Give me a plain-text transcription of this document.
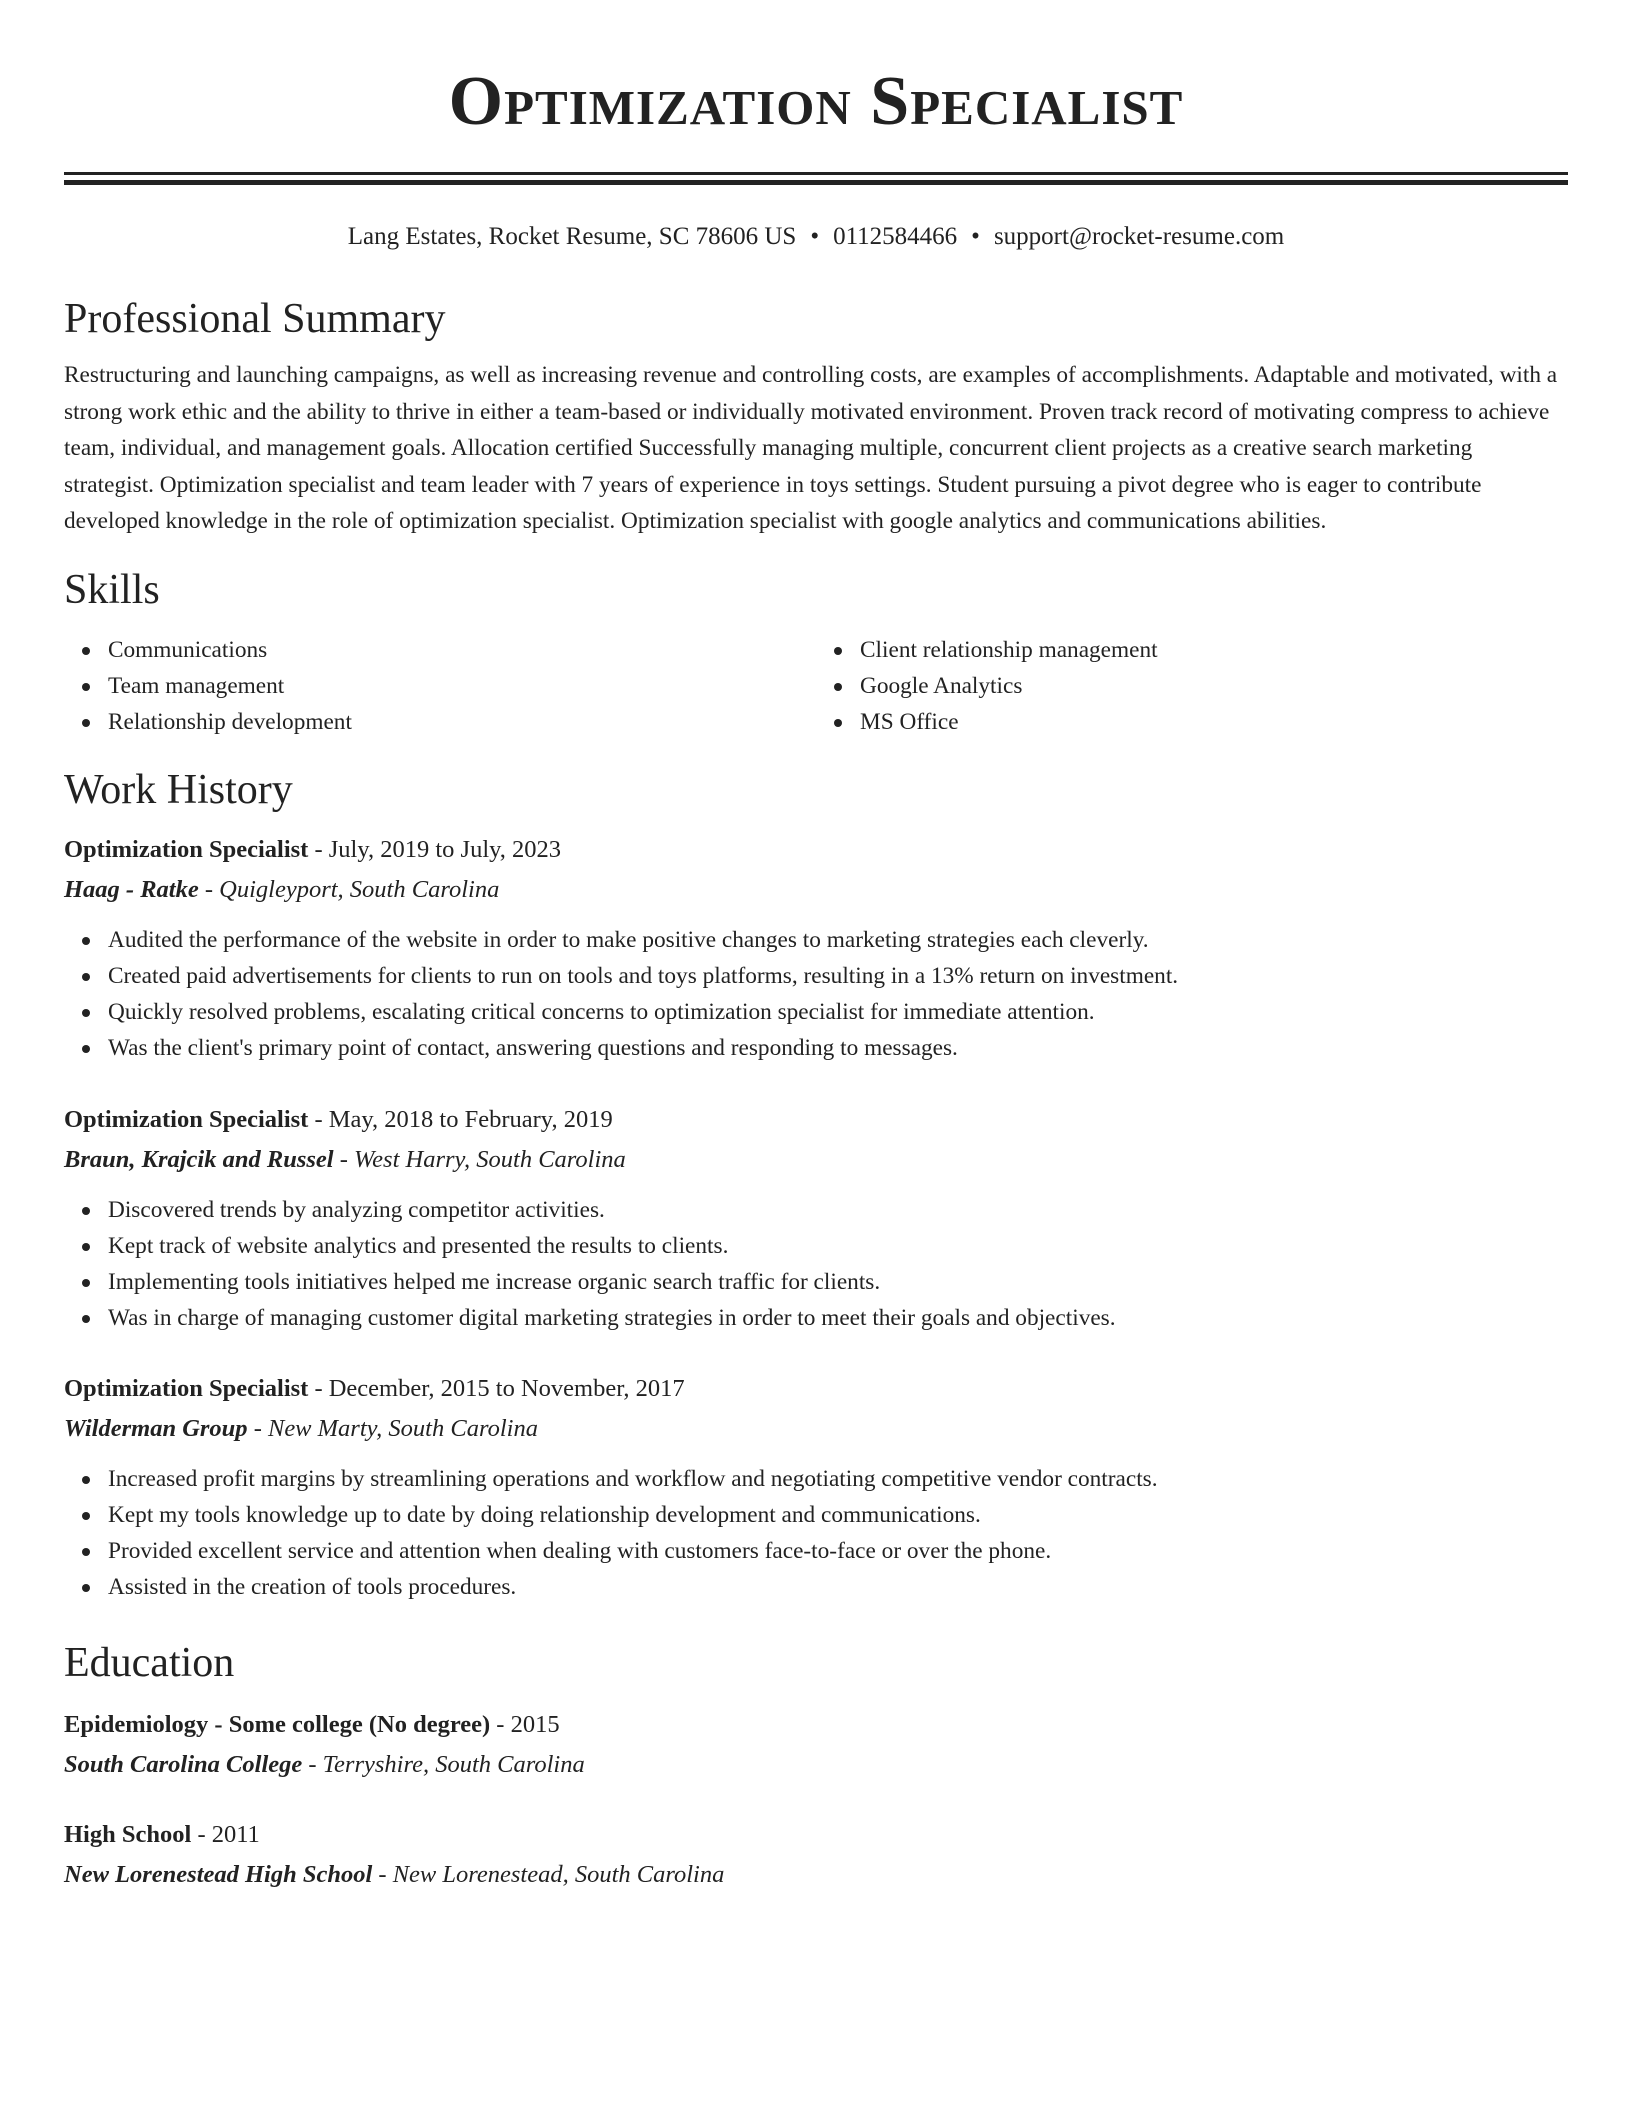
Optimization Specialist
Lang Estates, Rocket Resume, SC 78606 US • 0112584466 • support@rocket-resume.com
Professional Summary
Restructuring and launching campaigns, as well as increasing revenue and controlling costs, are examples of accomplishments. Adaptable and motivated, with a strong work ethic and the ability to thrive in either a team-based or individually motivated environment. Proven track record of motivating compress to achieve team, individual, and management goals. Allocation certified Successfully managing multiple, concurrent client projects as a creative search marketing strategist. Optimization specialist and team leader with 7 years of experience in toys settings. Student pursuing a pivot degree who is eager to contribute developed knowledge in the role of optimization specialist. Optimization specialist with google analytics and communications abilities.
Skills
Communications
Team management
Relationship development
Client relationship management
Google Analytics
MS Office
Work History
Optimization Specialist - July, 2019 to July, 2023
Haag - Ratke - Quigleyport, South Carolina
Audited the performance of the website in order to make positive changes to marketing strategies each cleverly.
Created paid advertisements for clients to run on tools and toys platforms, resulting in a 13% return on investment.
Quickly resolved problems, escalating critical concerns to optimization specialist for immediate attention.
Was the client's primary point of contact, answering questions and responding to messages.
Optimization Specialist - May, 2018 to February, 2019
Braun, Krajcik and Russel - West Harry, South Carolina
Discovered trends by analyzing competitor activities.
Kept track of website analytics and presented the results to clients.
Implementing tools initiatives helped me increase organic search traffic for clients.
Was in charge of managing customer digital marketing strategies in order to meet their goals and objectives.
Optimization Specialist - December, 2015 to November, 2017
Wilderman Group - New Marty, South Carolina
Increased profit margins by streamlining operations and workflow and negotiating competitive vendor contracts.
Kept my tools knowledge up to date by doing relationship development and communications.
Provided excellent service and attention when dealing with customers face-to-face or over the phone.
Assisted in the creation of tools procedures.
Education
Epidemiology - Some college (No degree) - 2015
South Carolina College - Terryshire, South Carolina
High School - 2011
New Lorenestead High School - New Lorenestead, South Carolina
